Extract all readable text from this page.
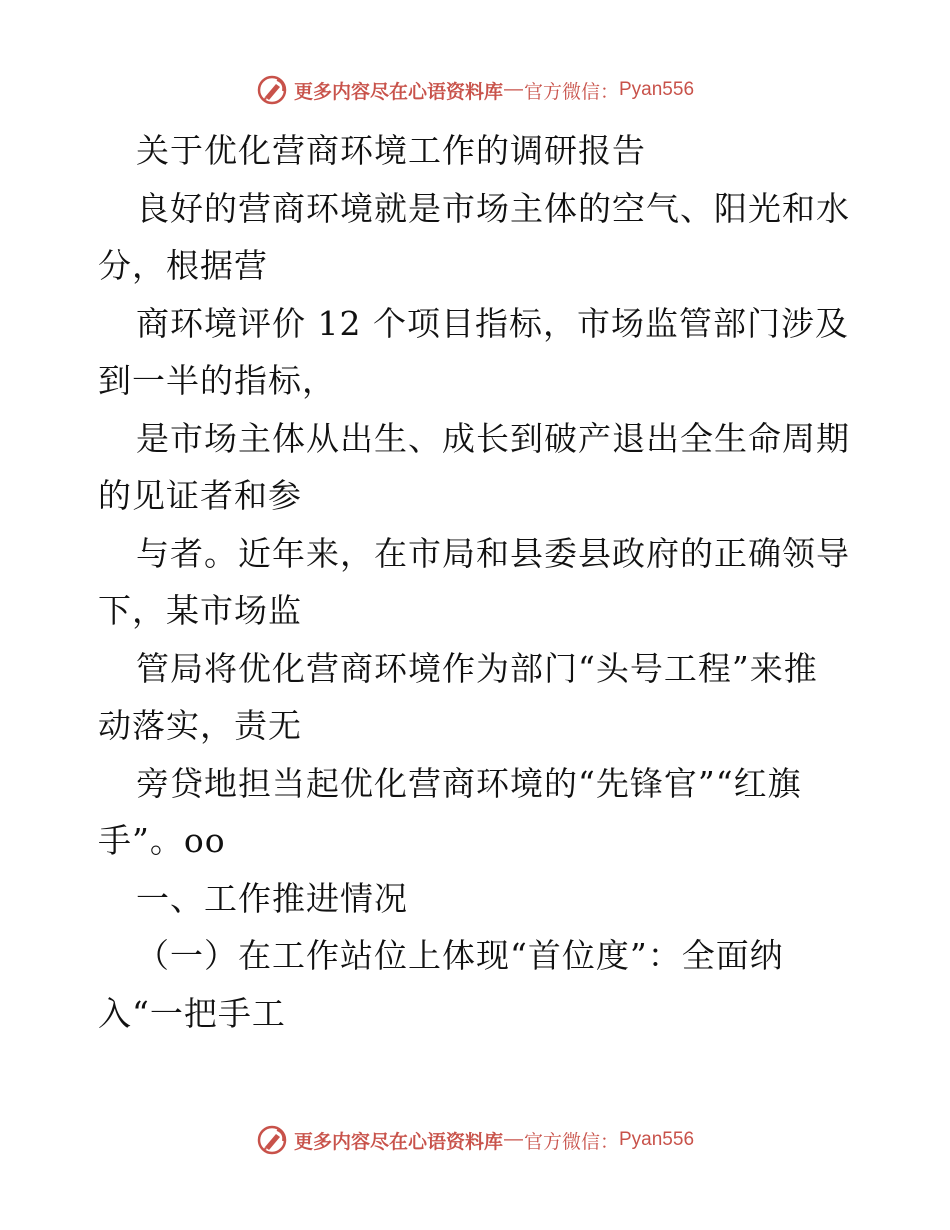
更多内容尽在心语资料库 — 官方微信： Pyan556
关于优化营商环境工作的调研报告
良好的营商环境就是市场主体的空气、阳光和水
分，根据营
商环境评价 12 个项目指标，市场监管部门涉及
到一半的指标，
是市场主体从出生、成长到破产退出全生命周期
的见证者和参
与者。近年来，在市局和县委县政府的正确领导
下，某市场监
管局将优化营商环境作为部门“头号工程”来推
动落实，责无
旁贷地担当起优化营商环境的“先锋官”“红旗
手”。oo
一、工作推进情况
（一）在工作站位上体现“首位度”：全面纳
入“一把手工
更多内容尽在心语资料库 — 官方微信： Pyan556
